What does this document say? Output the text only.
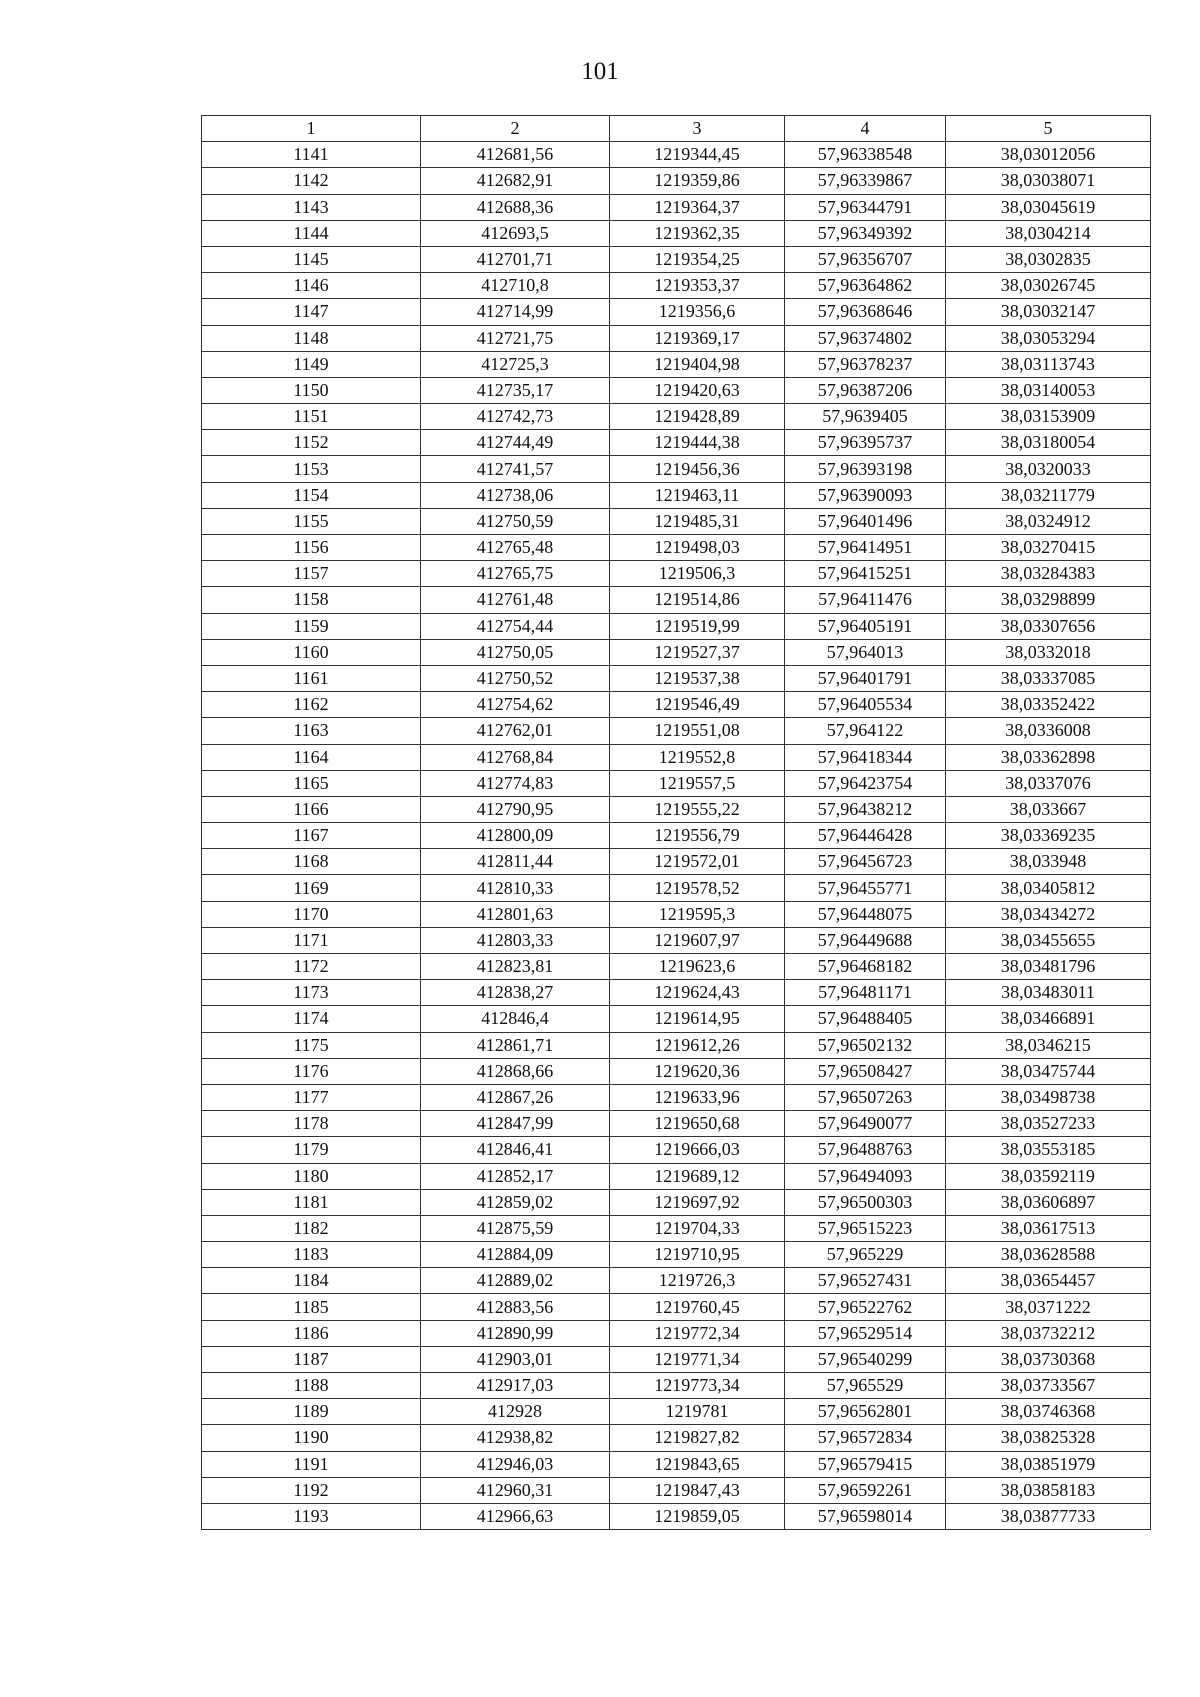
101
1	2	3	4	5
1141	412681,56	1219344,45	57,96338548	38,03012056
1142	412682,91	1219359,86	57,96339867	38,03038071
1143	412688,36	1219364,37	57,96344791	38,03045619
1144	412693,5	1219362,35	57,96349392	38,0304214
1145	412701,71	1219354,25	57,96356707	38,0302835
1146	412710,8	1219353,37	57,96364862	38,03026745
1147	412714,99	1219356,6	57,96368646	38,03032147
1148	412721,75	1219369,17	57,96374802	38,03053294
1149	412725,3	1219404,98	57,96378237	38,03113743
1150	412735,17	1219420,63	57,96387206	38,03140053
1151	412742,73	1219428,89	57,9639405	38,03153909
1152	412744,49	1219444,38	57,96395737	38,03180054
1153	412741,57	1219456,36	57,96393198	38,0320033
1154	412738,06	1219463,11	57,96390093	38,03211779
1155	412750,59	1219485,31	57,96401496	38,0324912
1156	412765,48	1219498,03	57,96414951	38,03270415
1157	412765,75	1219506,3	57,96415251	38,03284383
1158	412761,48	1219514,86	57,96411476	38,03298899
1159	412754,44	1219519,99	57,96405191	38,03307656
1160	412750,05	1219527,37	57,964013	38,0332018
1161	412750,52	1219537,38	57,96401791	38,03337085
1162	412754,62	1219546,49	57,96405534	38,03352422
1163	412762,01	1219551,08	57,964122	38,0336008
1164	412768,84	1219552,8	57,96418344	38,03362898
1165	412774,83	1219557,5	57,96423754	38,0337076
1166	412790,95	1219555,22	57,96438212	38,033667
1167	412800,09	1219556,79	57,96446428	38,03369235
1168	412811,44	1219572,01	57,96456723	38,033948
1169	412810,33	1219578,52	57,96455771	38,03405812
1170	412801,63	1219595,3	57,96448075	38,03434272
1171	412803,33	1219607,97	57,96449688	38,03455655
1172	412823,81	1219623,6	57,96468182	38,03481796
1173	412838,27	1219624,43	57,96481171	38,03483011
1174	412846,4	1219614,95	57,96488405	38,03466891
1175	412861,71	1219612,26	57,96502132	38,0346215
1176	412868,66	1219620,36	57,96508427	38,03475744
1177	412867,26	1219633,96	57,96507263	38,03498738
1178	412847,99	1219650,68	57,96490077	38,03527233
1179	412846,41	1219666,03	57,96488763	38,03553185
1180	412852,17	1219689,12	57,96494093	38,03592119
1181	412859,02	1219697,92	57,96500303	38,03606897
1182	412875,59	1219704,33	57,96515223	38,03617513
1183	412884,09	1219710,95	57,965229	38,03628588
1184	412889,02	1219726,3	57,96527431	38,03654457
1185	412883,56	1219760,45	57,96522762	38,0371222
1186	412890,99	1219772,34	57,96529514	38,03732212
1187	412903,01	1219771,34	57,96540299	38,03730368
1188	412917,03	1219773,34	57,965529	38,03733567
1189	412928	1219781	57,96562801	38,03746368
1190	412938,82	1219827,82	57,96572834	38,03825328
1191	412946,03	1219843,65	57,96579415	38,03851979
1192	412960,31	1219847,43	57,96592261	38,03858183
1193	412966,63	1219859,05	57,96598014	38,03877733
